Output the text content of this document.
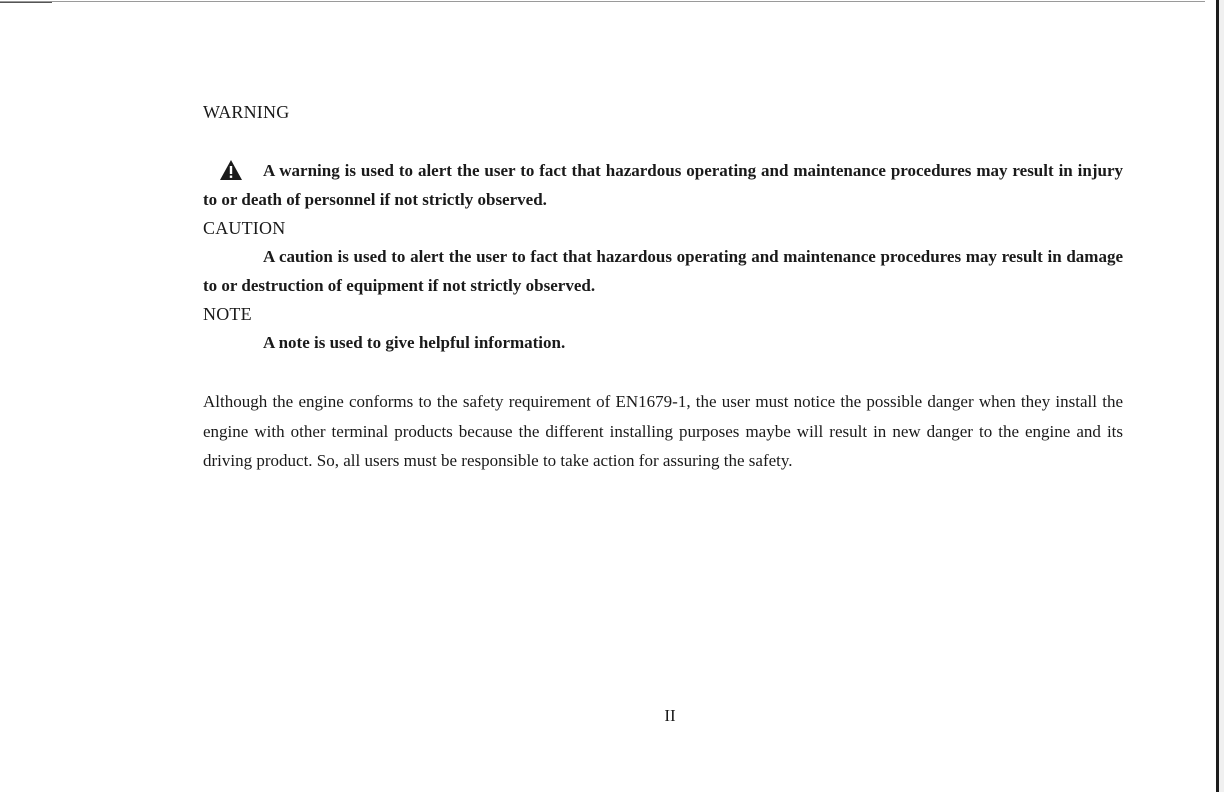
WARNING

A warning is used to alert the user to fact that hazardous operating and maintenance procedures may result in injury to or death of personnel if not strictly observed.

CAUTION

A caution is used to alert the user to fact that hazardous operating and maintenance procedures may result in damage to or destruction of equipment if not strictly observed.

NOTE

A note is used to give helpful information.

Although the engine conforms to the safety requirement of EN1679-1, the user must notice the possible danger when they install the engine with other terminal products because the different installing purposes maybe will result in new danger to the engine and its driving product. So, all users must be responsible to take action for assuring the safety.

II
